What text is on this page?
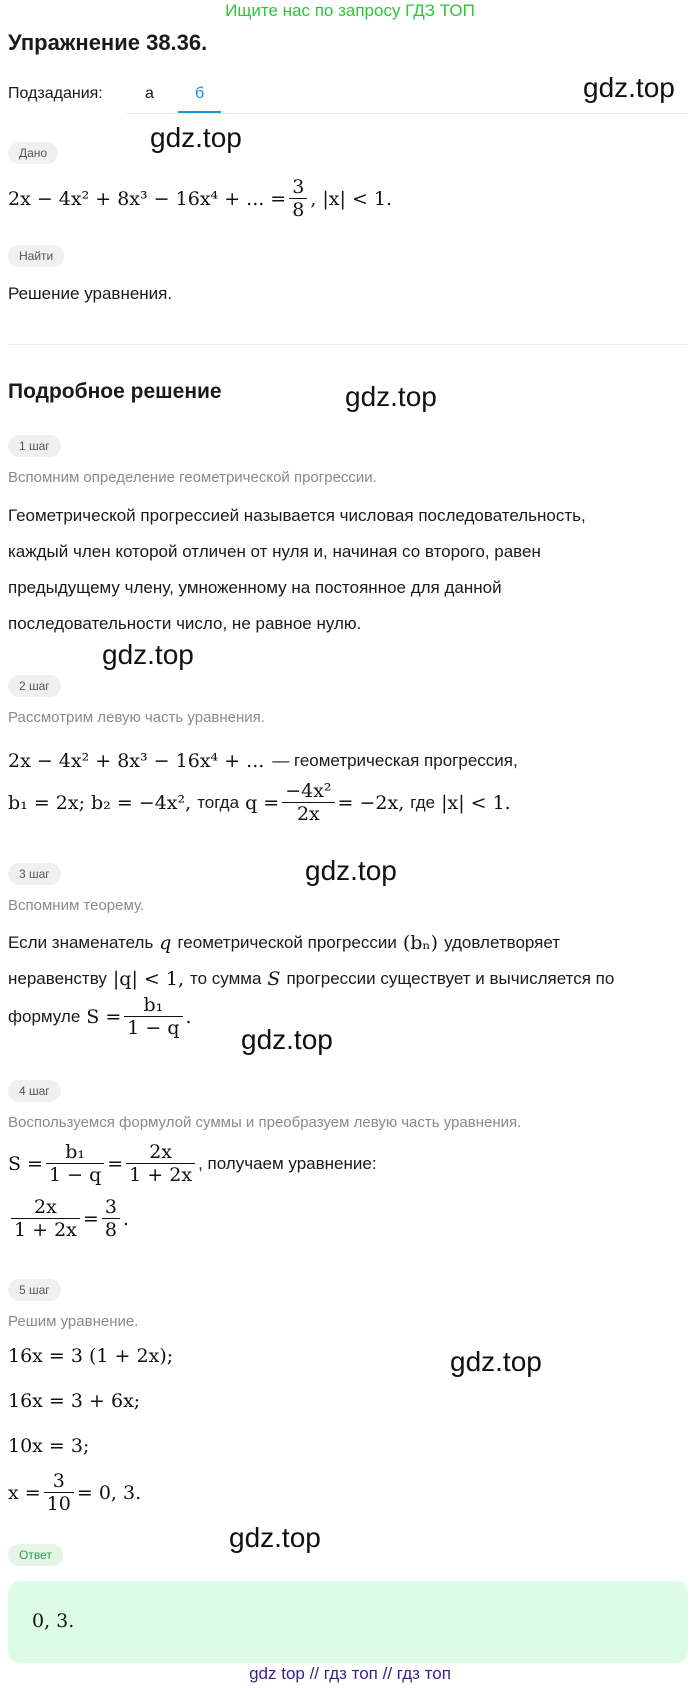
Ищите нас по запросу ГДЗ ТОП
Упражнение 38.36.
Подзадания:	а	б	gdz.top
gdz.top
gdz.top
gdz.top
gdz.top
gdz.top
gdz.top
gdz.top
Дано
2x − 4x² + 8x³ − 16x⁴ + ... = $\frac{3}{8}$ , |x| < 1.
Найти
Решение уравнения.
Подробное решение
1 шаг
Вспомним определение геометрической прогрессии.
Геометрической прогрессией называется числовая последовательность,
каждый член которой отличен от нуля и, начиная со второго, равен
предыдущему члену, умноженному на постоянное для данной
последовательности число, не равное нулю.
2 шаг
Рассмотрим левую часть уравнения.
2x − 4x² + 8x³ − 16x⁴ + ... — геометрическая прогрессия,
b₁ = 2x; b₂ = −4x², тогда $q = \frac{\text{−4x²}}{2x} = -2x$, где |x| < 1.
3 шаг
Вспомним теорему.
Если знаменатель q геометрической прогрессии (bₙ) удовлетворяет
неравенству |q| < 1, то сумма S прогрессии существует и вычисляется по
формуле $S = \frac{\text{b₁}}{1 - q}$ .
4 шаг
Воспользуемся формулой суммы и преобразуем левую часть уравнения.
$S = \frac{\text{b₁}}{1 - q} = \frac{2x}{1 + 2x}$ , получаем уравнение:
$\frac{2x}{1 + 2x} = \frac{3}{8}$ .
5 шаг
Решим уравнение.
16x = 3 (1 + 2x);
16x = 3 + 6x;
10x = 3;
$x = \frac{3}{10} = 0$, 3.
Ответ
0, 3.
gdz top // гдз топ // гдз топ
